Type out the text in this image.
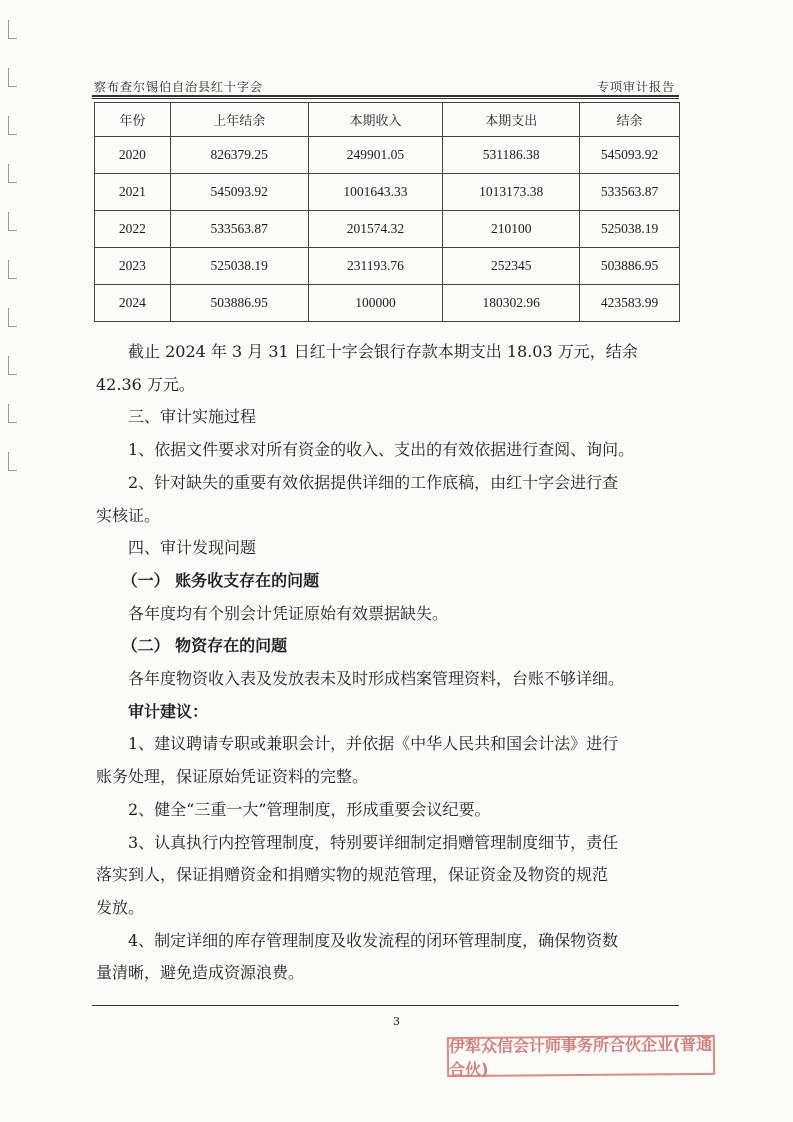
察布查尔锡伯自治县红十字会	专项审计报告
年份	上年结余	本期收入	本期支出	结余
2020	826379.25	249901.05	531186.38	545093.92
2021	545093.92	1001643.33	1013173.38	533563.87
2022	533563.87	201574.32	210100	525038.19
2023	525038.19	231193.76	252345	503886.95
2024	503886.95	100000	180302.96	423583.99

截止 2024 年 3 月 31 日红十字会银行存款本期支出 18.03 万元，结余

42.36 万元。

三、审计实施过程

1、依据文件要求对所有资金的收入、支出的有效依据进行查阅、询问。

2、针对缺失的重要有效依据提供详细的工作底稿，由红十字会进行查

实核证。

四、审计发现问题

（一） 账务收支存在的问题

各年度均有个别会计凭证原始有效票据缺失。

（二） 物资存在的问题

各年度物资收入表及发放表未及时形成档案管理资料，台账不够详细。

审计建议：

1、建议聘请专职或兼职会计，并依据《中华人民共和国会计法》进行

账务处理，保证原始凭证资料的完整。

2、健全“三重一大”管理制度，形成重要会议纪要。

3、认真执行内控管理制度，特别要详细制定捐赠管理制度细节，责任

落实到人，保证捐赠资金和捐赠实物的规范管理，保证资金及物资的规范

发放。

4、制定详细的库存管理制度及收发流程的闭环管理制度，确保物资数

量清晰，避免造成资源浪费。

3
伊犁众信会计师事务所合伙企业(普通合伙)
